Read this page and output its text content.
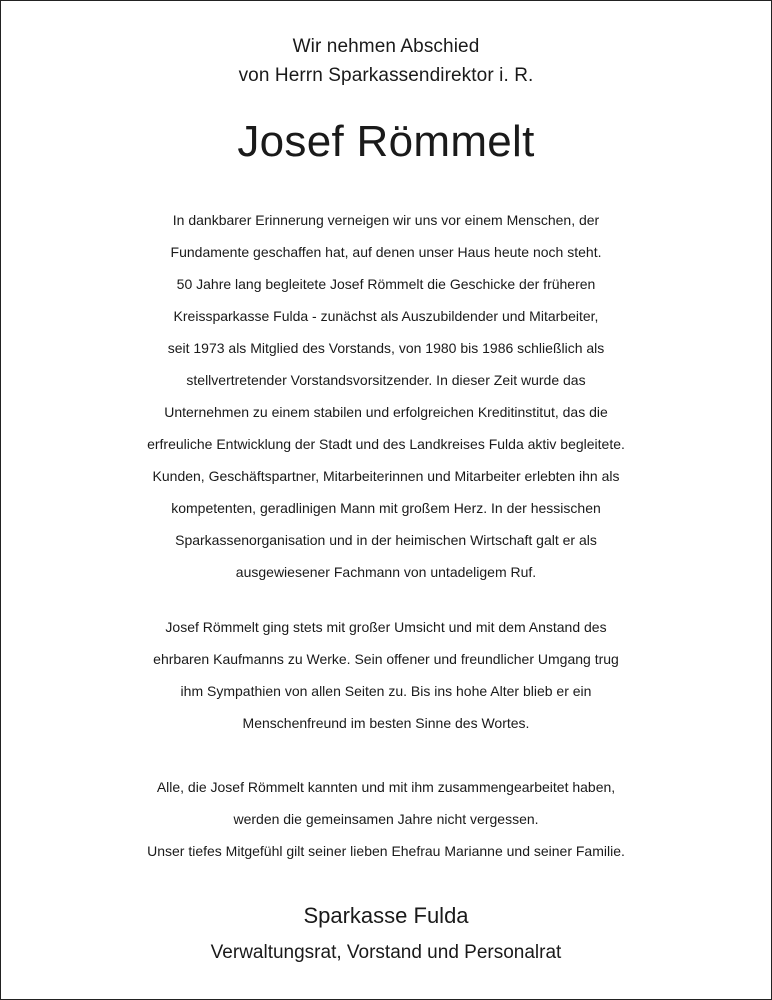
Wir nehmen Abschied
von Herrn Sparkassendirektor i. R.
Josef Römmelt
In dankbarer Erinnerung verneigen wir uns vor einem Menschen, der
Fundamente geschaffen hat, auf denen unser Haus heute noch steht.
50 Jahre lang begleitete Josef Römmelt die Geschicke der früheren
Kreissparkasse Fulda - zunächst als Auszubildender und Mitarbeiter,
seit 1973 als Mitglied des Vorstands, von 1980 bis 1986 schließlich als
stellvertretender Vorstandsvorsitzender. In dieser Zeit wurde das
Unternehmen zu einem stabilen und erfolgreichen Kreditinstitut, das die
erfreuliche Entwicklung der Stadt und des Landkreises Fulda aktiv begleitete.
Kunden, Geschäftspartner, Mitarbeiterinnen und Mitarbeiter erlebten ihn als
kompetenten, geradlinigen Mann mit großem Herz. In der hessischen
Sparkassenorganisation und in der heimischen Wirtschaft galt er als
ausgewiesener Fachmann von untadeligem Ruf.
Josef Römmelt ging stets mit großer Umsicht und mit dem Anstand des
ehrbaren Kaufmanns zu Werke. Sein offener und freundlicher Umgang trug
ihm Sympathien von allen Seiten zu. Bis ins hohe Alter blieb er ein
Menschenfreund im besten Sinne des Wortes.
Alle, die Josef Römmelt kannten und mit ihm zusammengearbeitet haben,
werden die gemeinsamen Jahre nicht vergessen.
Unser tiefes Mitgefühl gilt seiner lieben Ehefrau Marianne und seiner Familie.
Sparkasse Fulda
Verwaltungsrat, Vorstand und Personalrat
